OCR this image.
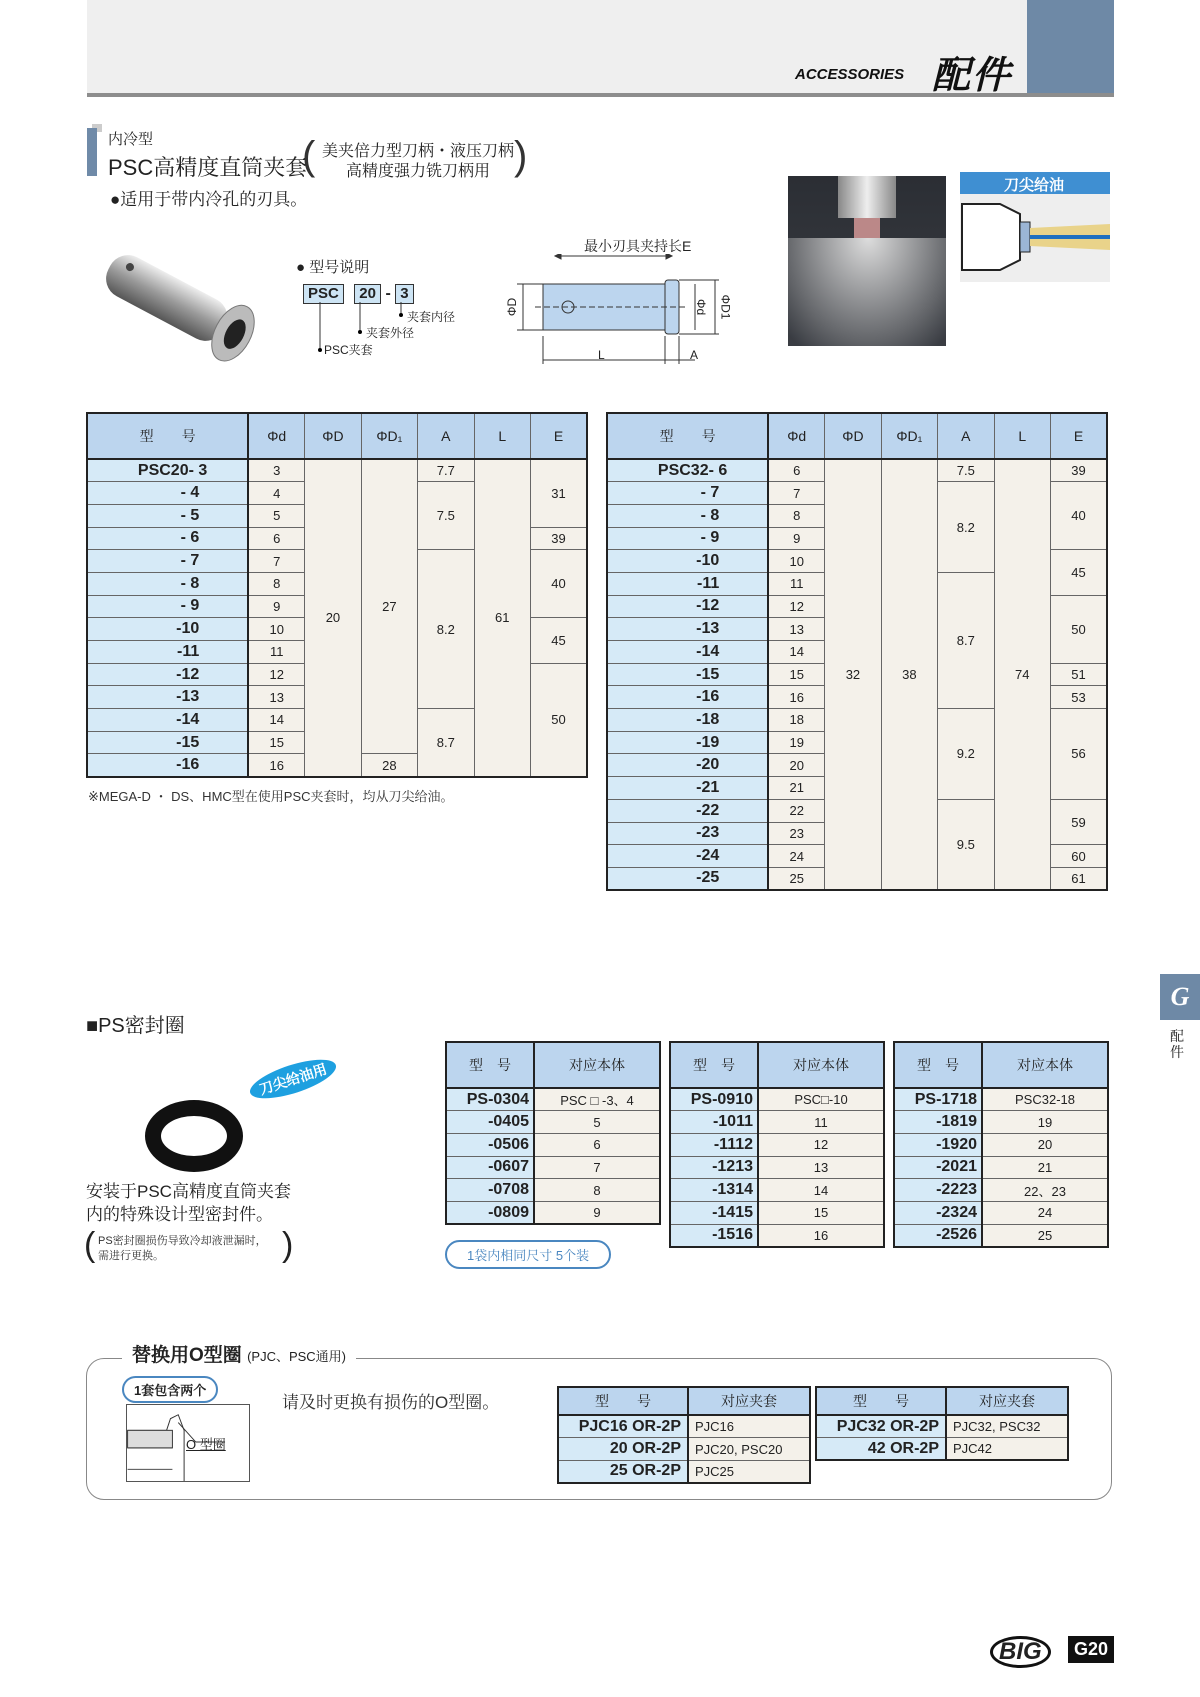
ACCESSORIES 配件
内冷型
PSC高精度直筒夹套
( 美夹倍力型刀柄・液压刀柄
高精度强力铣刀柄用 )
●适用于带内冷孔的刃具。
● 型号说明
PSC 20 - 3
夹套内径
夹套外径
PSC夹套
最小刃具夹持长E
ΦD	Φd ΦD1
L	A
刀尖给油
型　　号	Φd	ΦD	ΦD₁	A	L	E
PSC20- 3	3	20	27	7.7	61	31
- 4	4			7.5		
- 5	5					
- 6	6					39
- 7	7			8.2		40
- 8	8					
- 9	9					
-10	10					45
-11	11					
-12	12					50
-13	13					
-14	14			8.7		
-15	15					
-16	16		28			
※MEGA-D ・ DS、HMC型在使用PSC夹套时，均从刀尖给油。
型　　号	Φd	ΦD	ΦD₁	A	L	E
PSC32- 6	6	32	38	7.5	74	39
- 7	7			8.2		40
- 8	8					
- 9	9					
-10	10					45
-11	11			8.7		
-12	12					50
-13	13					
-14	14					
-15	15					51
-16	16					53
-18	18			9.2		56
-19	19					
-20	20					
-21	21					
-22	22			9.5		59
-23	23					
-24	24					60
-25	25					61
G
配件
■PS密封圈
刀尖给油用
安装于PSC高精度直筒夹套
内的特殊设计型密封件。
( PS密封圈损伤导致冷却液泄漏时，
需进行更换。	)
型　号	对应本体
PS-0304	PSC □ -3、4
-0405	5
-0506	6
-0607	7
-0708	8
-0809	9
型　号	对应本体
PS-0910	PSC□-10
-1011	11
-1112	12
-1213	13
-1314	14
-1415	15
-1516	16
型　号	对应本体
PS-1718	PSC32-18
-1819	19
-1920	20
-2021	21
-2223	22、23
-2324	24
-2526	25
1袋内相同尺寸 5个装
替换用O型圈 (PJC、PSC通用)
1套包含两个
O 型圈
请及时更换有损伤的O型圈。	型　　号	对应夹套
PJC16 OR-2P	PJC16
20 OR-2P	PJC20, PSC20
25 OR-2P	PJC25
型　　号	对应夹套
PJC32 OR-2P	PJC32, PSC32
42 OR-2P	PJC42
BIG	G20
